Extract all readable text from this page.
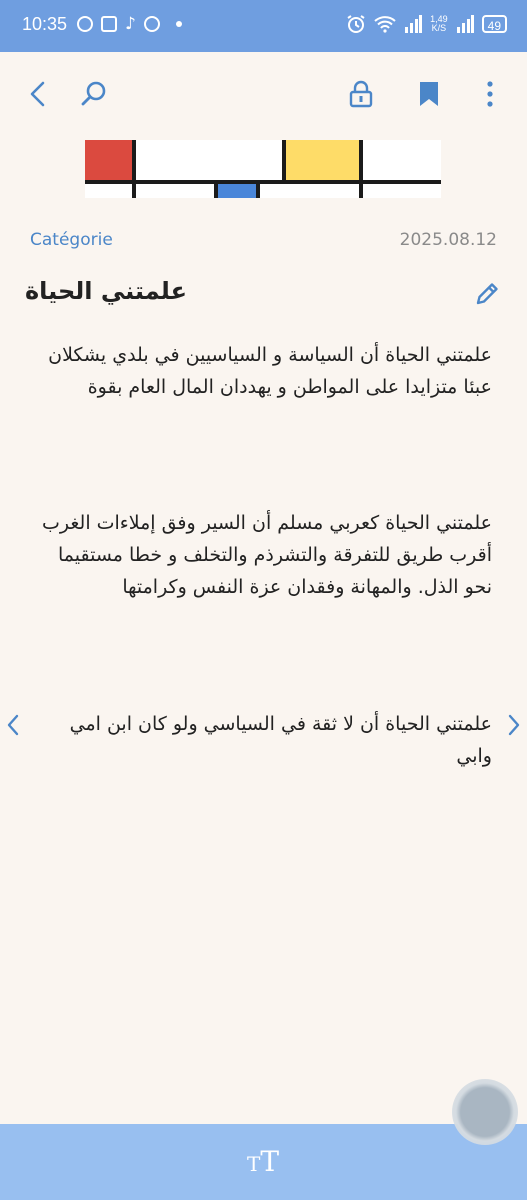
10:35	♪	1,49
K/S	49
Catégorie	2025.08.12
علمتني الحياة
علمتني الحياة أن السياسة و السياسيين في بلدي يشكلان عبئا متزايدا على المواطن و يهددان المال العام بقوة
علمتني الحياة كعربي مسلم أن السير وفق إملاءات الغرب أقرب طريق للتفرقة والتشرذم والتخلف و خطا مستقيما نحو الذل. والمهانة وفقدان عزة النفس وكرامتها
علمتني الحياة أن لا ثقة في السياسي ولو كان ابن امي وابي
TT
